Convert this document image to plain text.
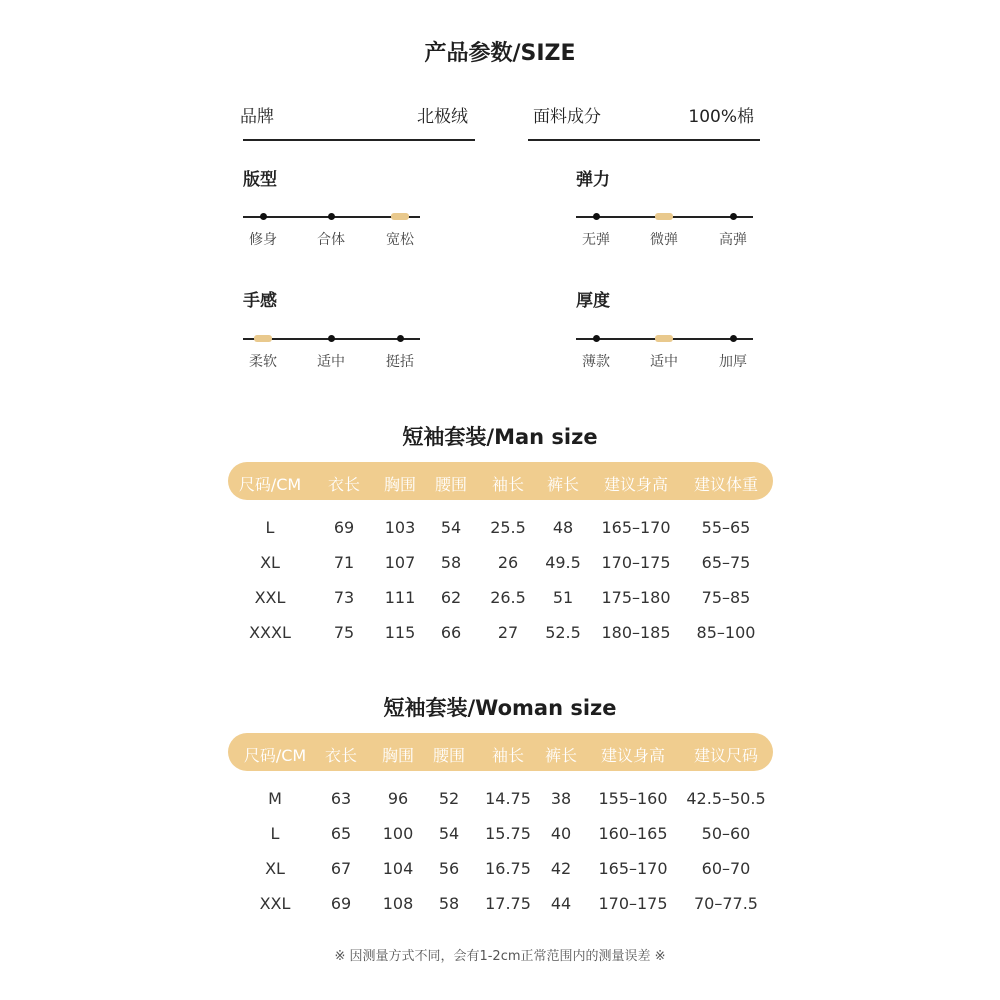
产品参数/SIZE
品牌	北极绒	面料成分	100%棉
版型
修身	合体	宽松
弹力
无弹	微弹	高弹
手感
柔软	适中	挺括
厚度
薄款	适中	加厚
短袖套装/Man size
尺码/CM	衣长	胸围	腰围	袖长	裤长	建议身高	建议体重
L	69	103	54	25.5	48	165–170	55–65
XL	71	107	58	26	49.5	170–175	65–75
XXL	73	111	62	26.5	51	175–180	75–85
XXXL	75	115	66	27	52.5	180–185	85–100
短袖套装/Woman size
尺码/CM	衣长	胸围	腰围	袖长	裤长	建议身高	建议尺码
M	63	96	52	14.75	38	155–160	42.5–50.5
L	65	100	54	15.75	40	160–165	50–60
XL	67	104	56	16.75	42	165–170	60–70
XXL	69	108	58	17.75	44	170–175	70–77.5
※ 因测量方式不同，会有1-2cm正常范围内的测量误差 ※
